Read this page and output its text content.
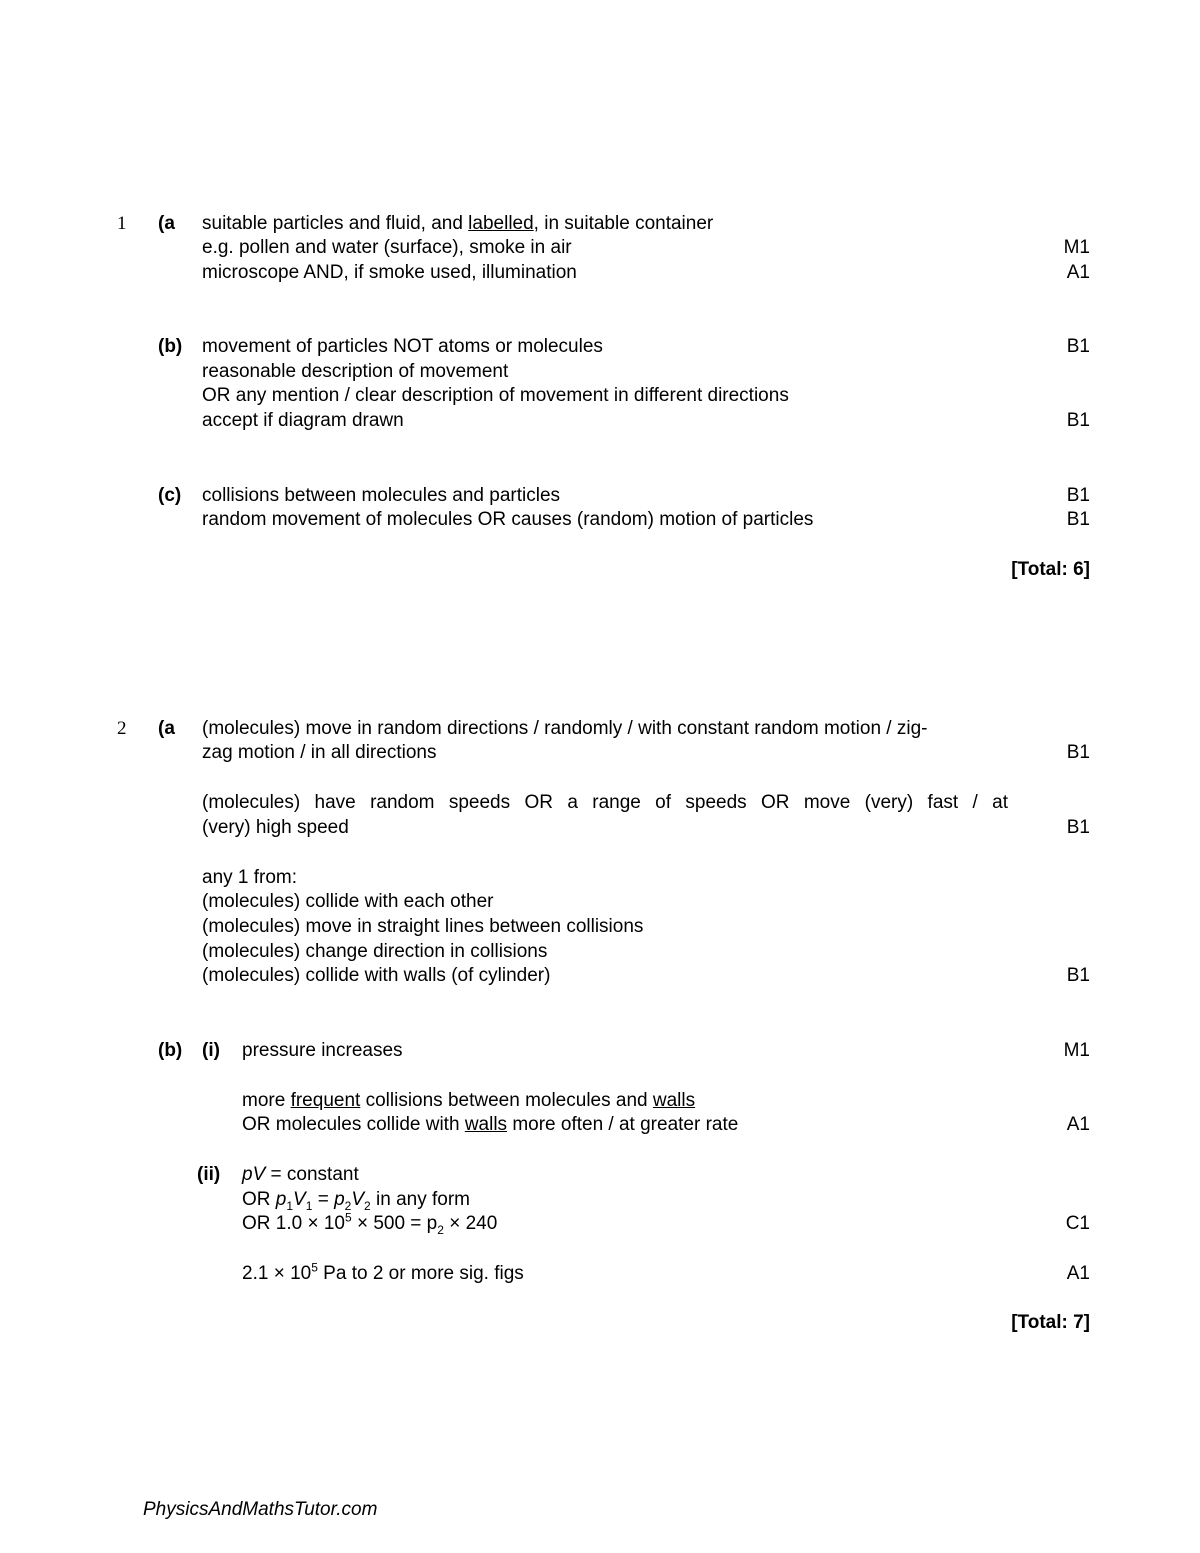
1 (a suitable particles and fluid, and labelled, in suitable container
e.g. pollen and water (surface), smoke in air	M1
microscope AND, if smoke used, illumination	A1
(b) movement of particles NOT atoms or molecules	B1
reasonable description of movement
OR any mention / clear description of movement in different directions
accept if diagram drawn	B1
(c) collisions between molecules and particles	B1
random movement of molecules OR causes (random) motion of particles	B1
[Total: 6]
2 (a (molecules) move in random directions / randomly / with constant random motion / zig-
zag motion / in all directions	B1
(molecules) have random speeds OR a range of speeds OR move (very) fast / at
(very) high speed	B1
any 1 from:
(molecules) collide with each other
(molecules) move in straight lines between collisions
(molecules) change direction in collisions
(molecules) collide with walls (of cylinder)	B1
(b) (i) pressure increases	M1
more frequent collisions between molecules and walls
OR molecules collide with walls more often / at greater rate	A1
(ii) pV = constant
OR $p_1V_1 = p_2V_2$ in any form
OR $1.0 \times 10^5 \times 500 = p_2 \times 240$	C1
$2.1 \times 10^5$ Pa to 2 or more sig. figs	A1
[Total: 7]
PhysicsAndMathsTutor.com
